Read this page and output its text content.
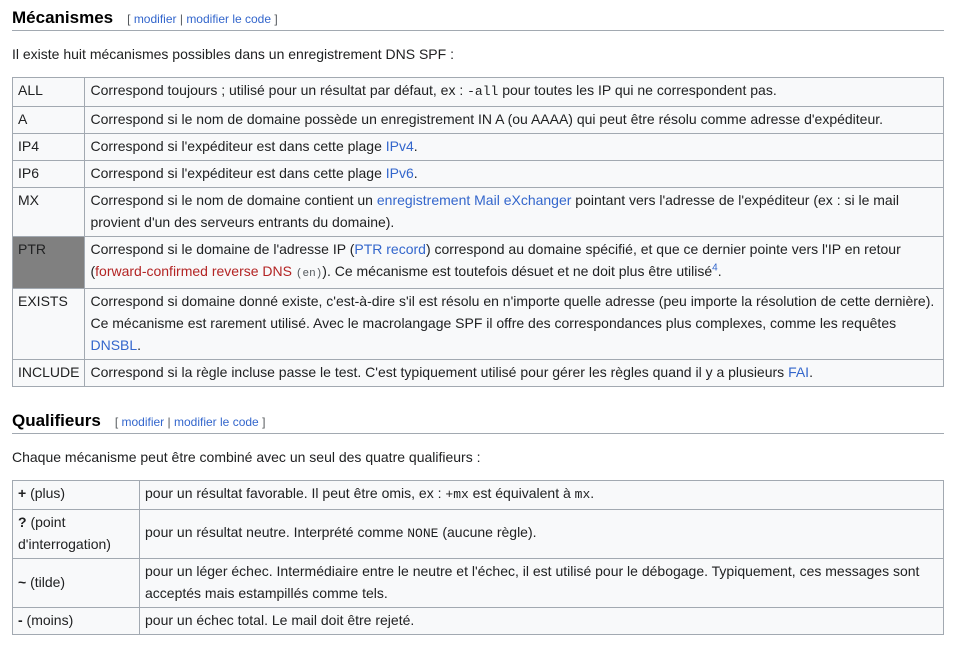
Mécanismes [ modifier | modifier le code ]

Il existe huit mécanismes possibles dans un enregistrement DNS SPF :

ALL	Correspond toujours ; utilisé pour un résultat par défaut, ex : -all pour toutes les IP qui ne correspondent pas.
A	Correspond si le nom de domaine possède un enregistrement IN A (ou AAAA) qui peut être résolu comme adresse d'expéditeur.
IP4	Correspond si l'expéditeur est dans cette plage IPv4.
IP6	Correspond si l'expéditeur est dans cette plage IPv6.
MX	Correspond si le nom de domaine contient un enregistrement Mail eXchanger pointant vers l'adresse de l'expéditeur (ex : si le mail provient d'un des serveurs entrants du domaine).
PTR	Correspond si le domaine de l'adresse IP (PTR record) correspond au domaine spécifié, et que ce dernier pointe vers l'IP en retour (forward-confirmed reverse DNS (en)). Ce mécanisme est toutefois désuet et ne doit plus être utilisé$^4$.
EXISTS	Correspond si domaine donné existe, c'est-à-dire s'il est résolu en n'importe quelle adresse (peu importe la résolution de cette dernière). Ce mécanisme est rarement utilisé. Avec le macrolangage SPF il offre des correspondances plus complexes, comme les requêtes DNSBL.
INCLUDE	Correspond si la règle incluse passe le test. C'est typiquement utilisé pour gérer les règles quand il y a plusieurs FAI.
Qualifieurs [ modifier | modifier le code ]

Chaque mécanisme peut être combiné avec un seul des quatre qualifieurs :

+ (plus)	pour un résultat favorable. Il peut être omis, ex : +mx est équivalent à mx.
? (point d'interrogation)	pour un résultat neutre. Interprété comme NONE (aucune règle).
~ (tilde)	pour un léger échec. Intermédiaire entre le neutre et l'échec, il est utilisé pour le débogage. Typiquement, ces messages sont acceptés mais estampillés comme tels.
- (moins)	pour un échec total. Le mail doit être rejeté.
